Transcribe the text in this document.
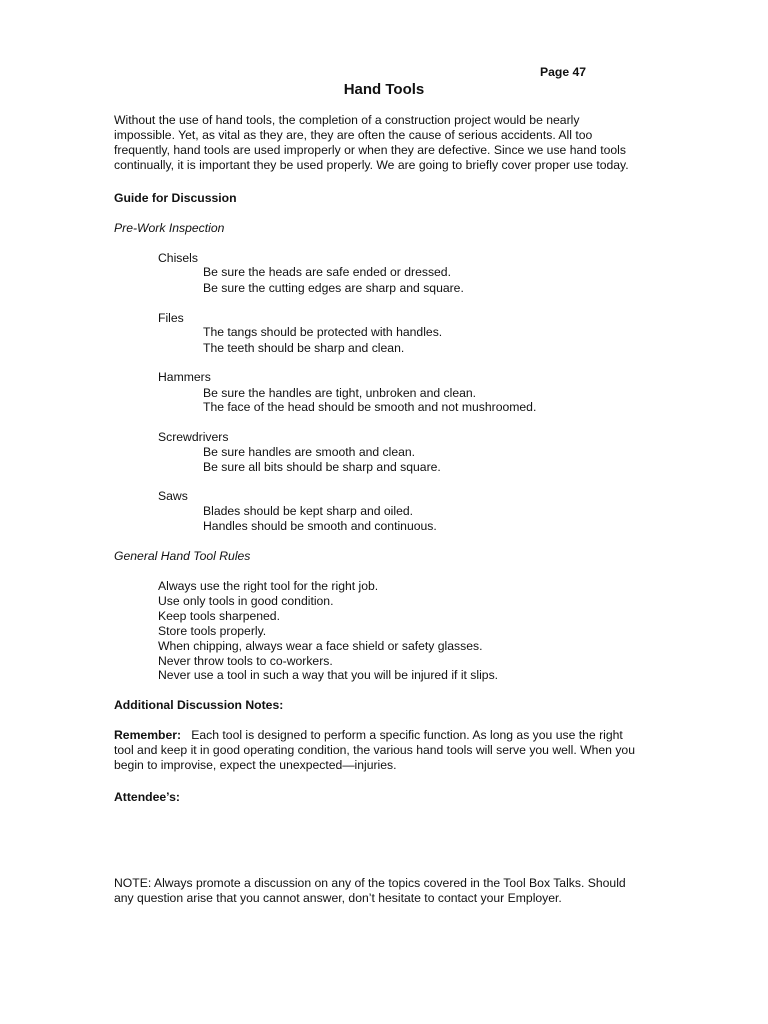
Page 47
Hand Tools
Without the use of hand tools, the completion of a construction project would be nearly
impossible. Yet, as vital as they are, they are often the cause of serious accidents. All too
frequently, hand tools are used improperly or when they are defective. Since we use hand tools
continually, it is important they be used properly. We are going to briefly cover proper use today.
Guide for Discussion
Pre-Work Inspection
Chisels
Be sure the heads are safe ended or dressed.
Be sure the cutting edges are sharp and square.
Files
The tangs should be protected with handles.
The teeth should be sharp and clean.
Hammers
Be sure the handles are tight, unbroken and clean.
The face of the head should be smooth and not mushroomed.
Screwdrivers
Be sure handles are smooth and clean.
Be sure all bits should be sharp and square.
Saws
Blades should be kept sharp and oiled.
Handles should be smooth and continuous.
General Hand Tool Rules
Always use the right tool for the right job.
Use only tools in good condition.
Keep tools sharpened.
Store tools properly.
When chipping, always wear a face shield or safety glasses.
Never throw tools to co-workers.
Never use a tool in such a way that you will be injured if it slips.
Additional Discussion Notes:
Remember: Each tool is designed to perform a specific function. As long as you use the right
tool and keep it in good operating condition, the various hand tools will serve you well. When you
begin to improvise, expect the unexpected—injuries.
Attendee’s:
NOTE: Always promote a discussion on any of the topics covered in the Tool Box Talks. Should
any question arise that you cannot answer, don’t hesitate to contact your Employer.
